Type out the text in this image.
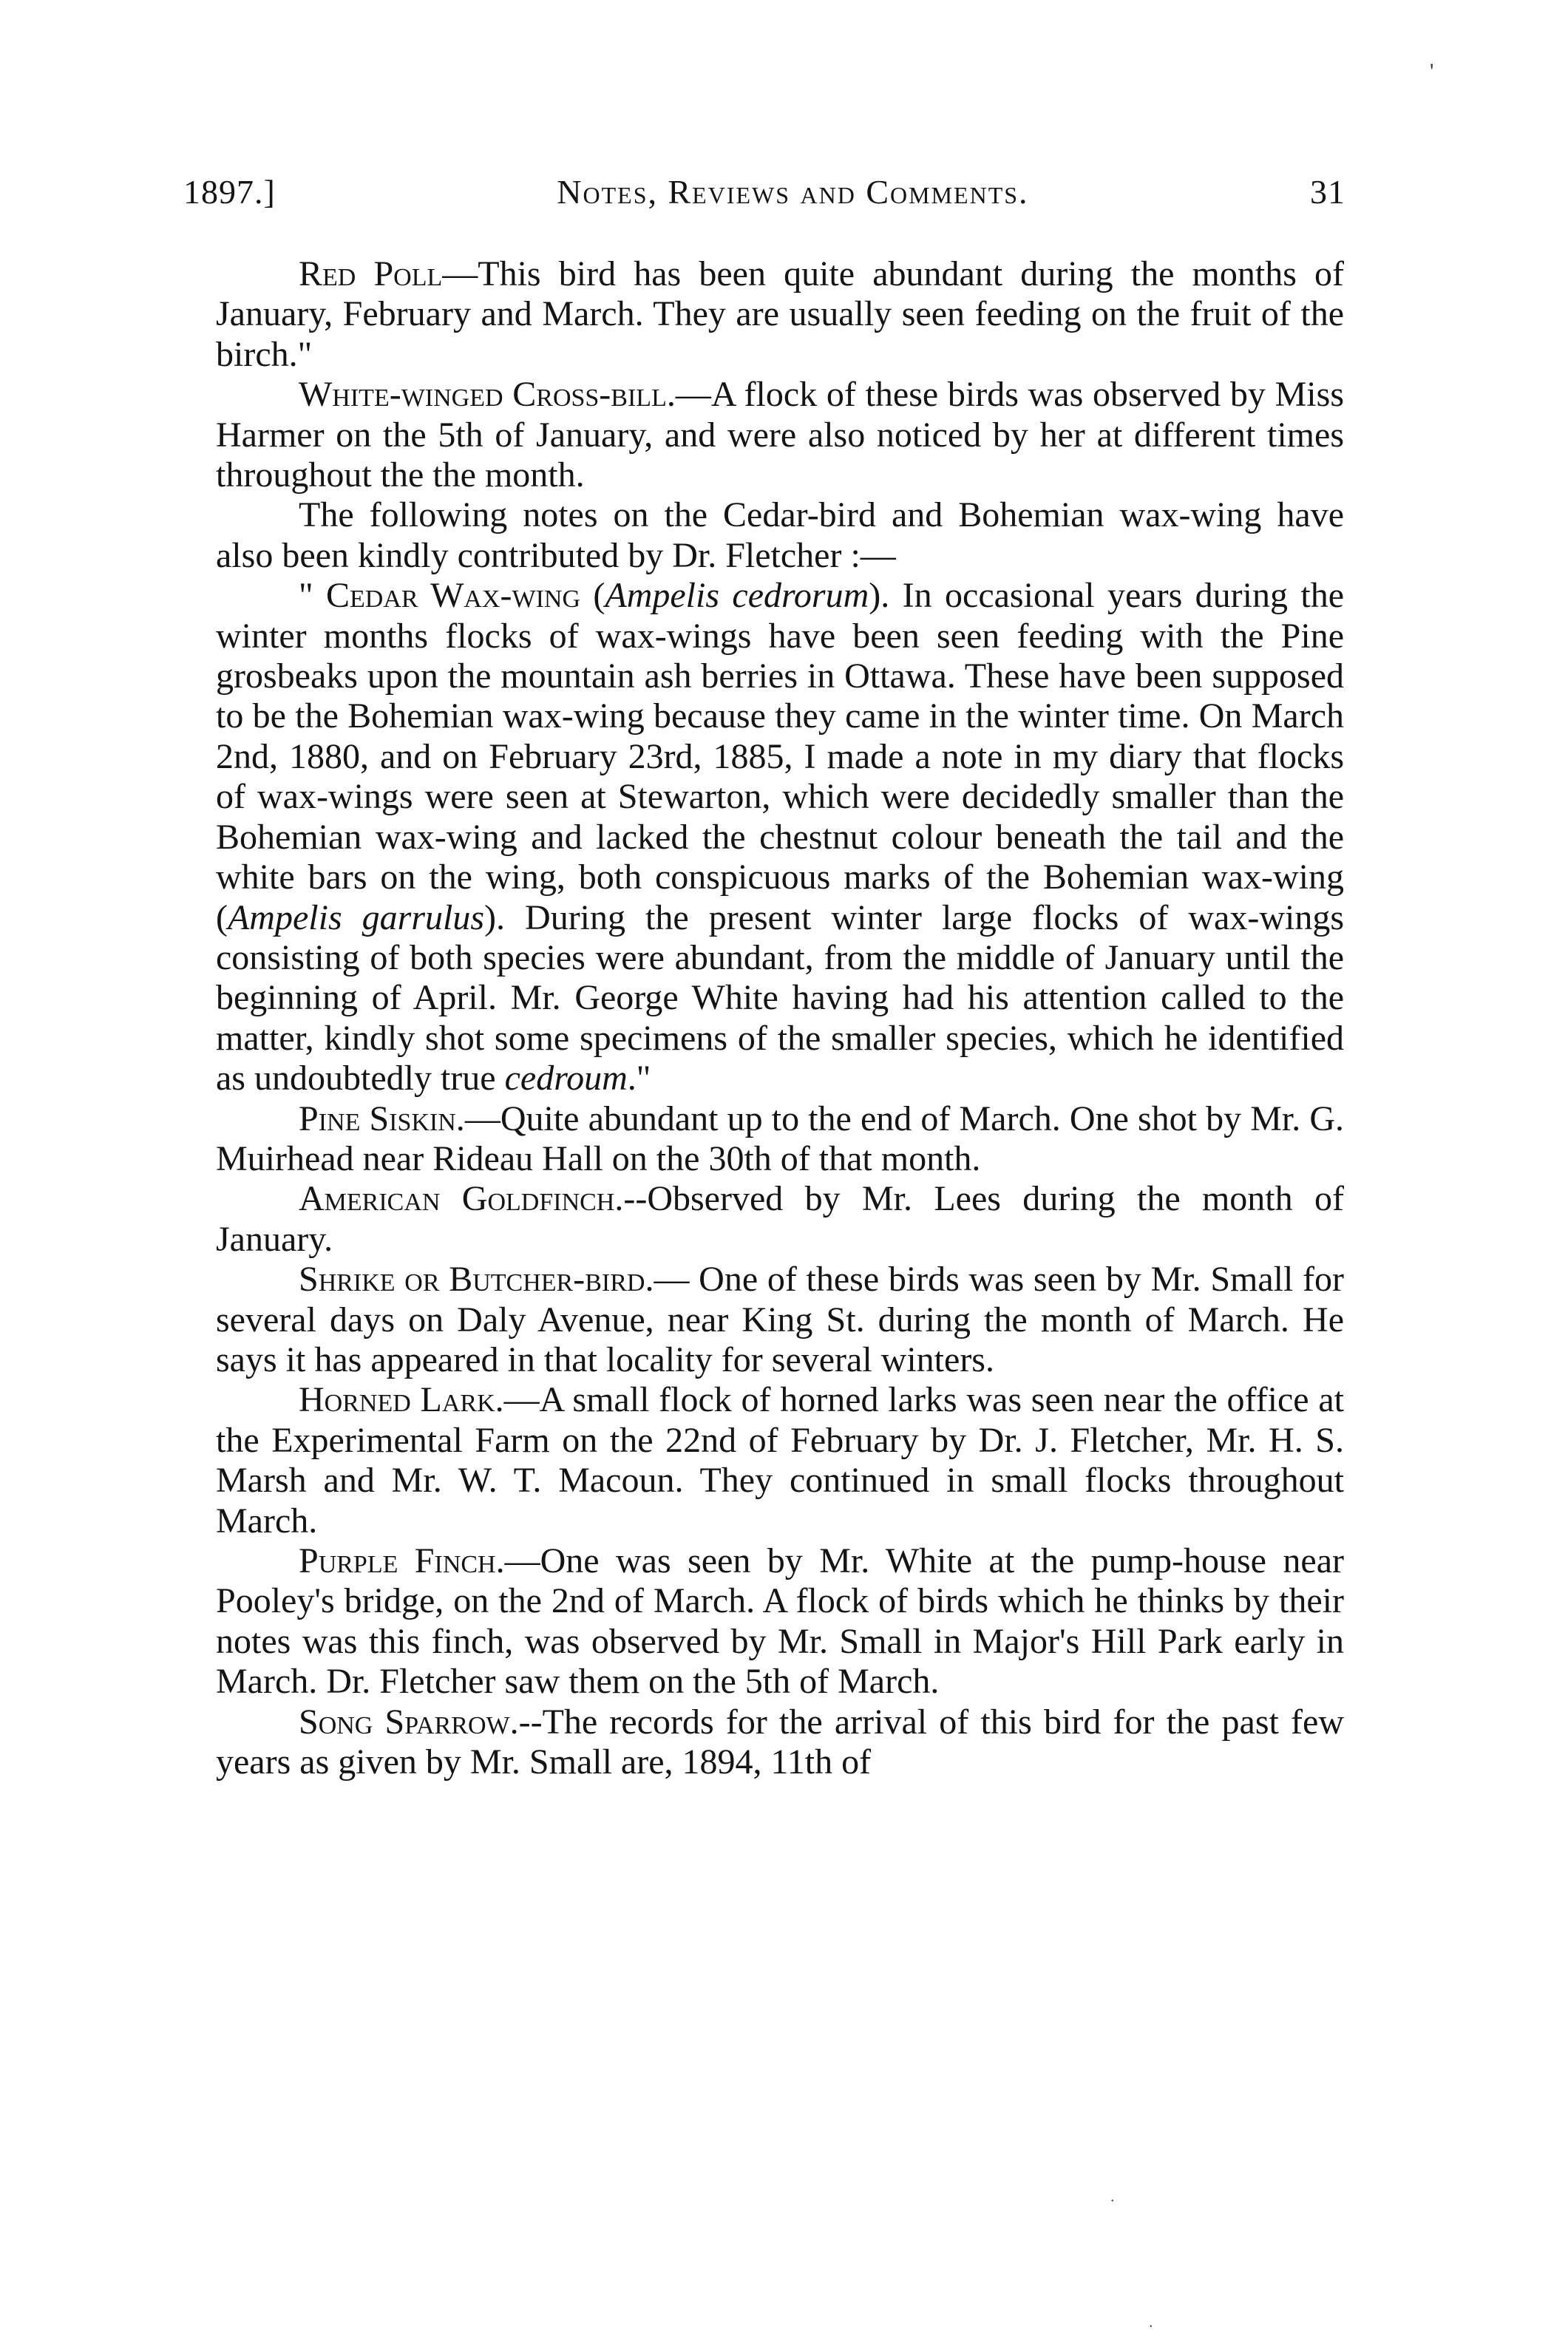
'
1897.]	Notes, Reviews and Comments.	31

Red Poll—This bird has been quite abundant during the months of January, February and March. They are usually seen feeding on the fruit of the birch."

White-winged Cross-bill.—A flock of these birds was observed by Miss Harmer on the 5th of January, and were also noticed by her at different times throughout the the month.

The following notes on the Cedar-bird and Bohemian wax-wing have also been kindly contributed by Dr. Fletcher :—

" Cedar Wax-wing (Ampelis cedrorum). In occasional years during the winter months flocks of wax-wings have been seen feeding with the Pine grosbeaks upon the mountain ash berries in Ottawa. These have been supposed to be the Bohemian wax-wing because they came in the winter time. On March 2nd, 1880, and on February 23rd, 1885, I made a note in my diary that flocks of wax-wings were seen at Stewarton, which were decidedly smaller than the Bohemian wax-wing and lacked the chestnut colour beneath the tail and the white bars on the wing, both conspicuous marks of the Bohemian wax-wing (Ampelis garrulus). During the present winter large flocks of wax-wings consisting of both species were abundant, from the middle of January until the beginning of April. Mr. George White having had his attention called to the matter, kindly shot some specimens of the smaller species, which he identified as undoubtedly true cedroum."

Pine Siskin.—Quite abundant up to the end of March. One shot by Mr. G. Muirhead near Rideau Hall on the 30th of that month.

American Goldfinch.--Observed by Mr. Lees during the month of January.

Shrike or Butcher-bird.— One of these birds was seen by Mr. Small for several days on Daly Avenue, near King St. during the month of March. He says it has appeared in that locality for several winters.

Horned Lark.—A small flock of horned larks was seen near the office at the Experimental Farm on the 22nd of February by Dr. J. Fletcher, Mr. H. S. Marsh and Mr. W. T. Macoun. They continued in small flocks throughout March.

Purple Finch.—One was seen by Mr. White at the pump-house near Pooley's bridge, on the 2nd of March. A flock of birds which he thinks by their notes was this finch, was observed by Mr. Small in Major's Hill Park early in March. Dr. Fletcher saw them on the 5th of March.

Song Sparrow.--The records for the arrival of this bird for the past few years as given by Mr. Small are, 1894, 11th of

.
.
